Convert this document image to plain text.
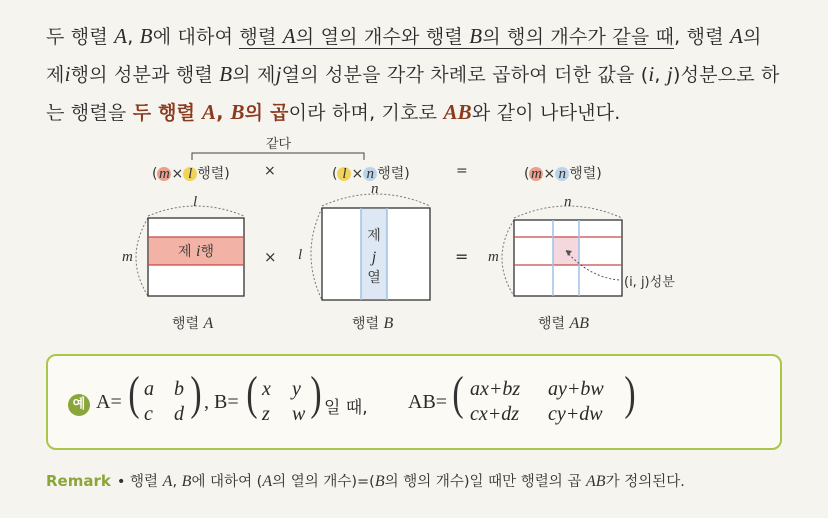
두 행렬 A, B에 대하여 행렬 A의 열의 개수와 행렬 B의 행의 개수가 같을 때, 행렬 A의 제i행의 성분과 행렬 B의 제j열의 성분을 각각 차례로 곱하여 더한 값을 (i, j)성분으로 하는 행렬을 두 행렬 A, B의 곱이라 하며, 기호로 AB와 같이 나타낸다.
같다
l
m
n
l
n
m
×	=
( m × l 행렬) ×	( l × n 행렬)	=	( m × n 행렬)
제 i행
제
j
열	(i, j)성분
행렬 A	행렬 B	행렬 AB
예 A= ( a b
c d ) , B= ( x y
z w ) 일 때, AB= ( ax+bz ay+bw
cx+dz cy+dw )
Remark • 행렬 A, B에 대하여 (A의 열의 개수)=(B의 행의 개수)일 때만 행렬의 곱 AB가 정의된다.
